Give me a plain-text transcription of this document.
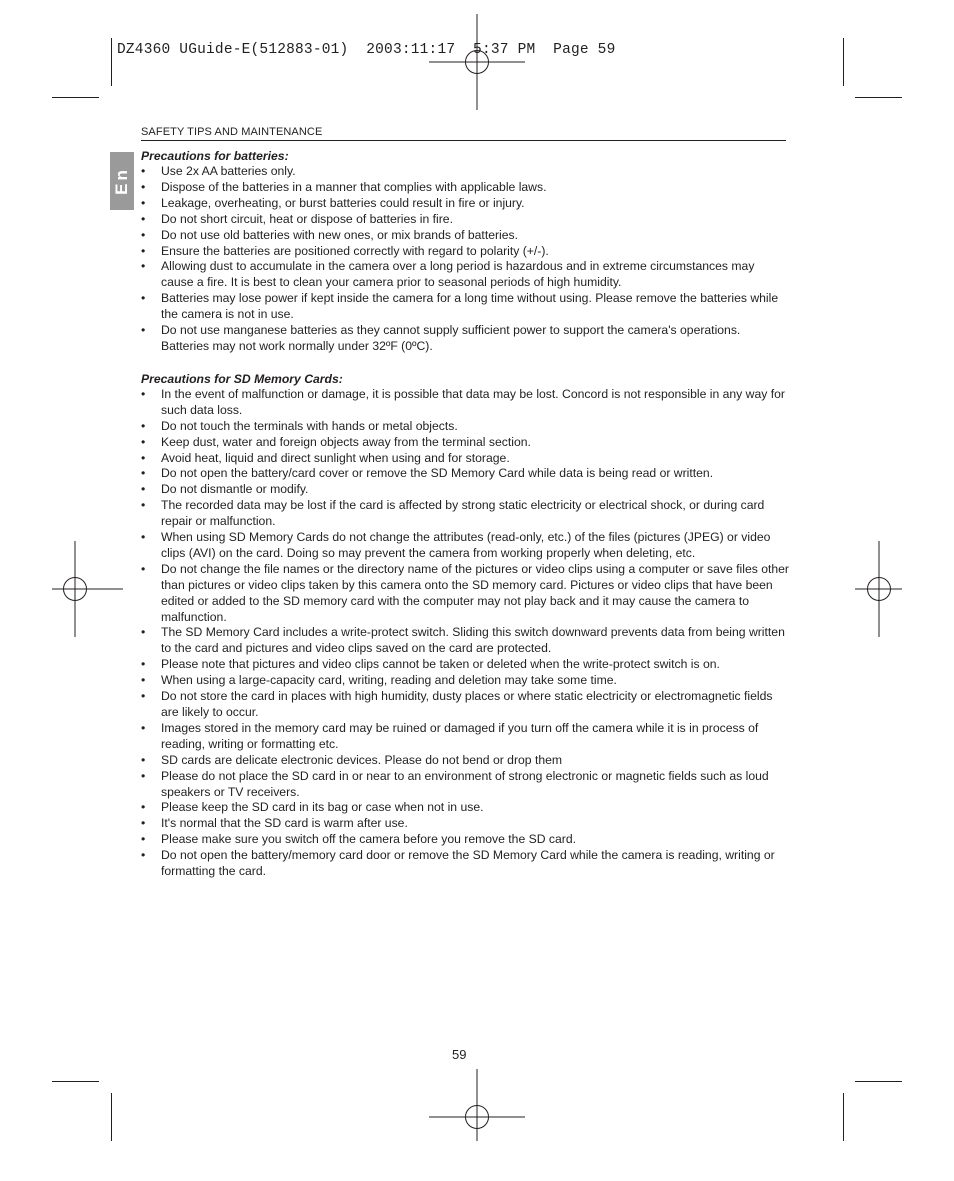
DZ4360 UGuide-E(512883-01)  2003:11:17  5:37 PM  Page 59
SAFETY TIPS AND MAINTENANCE
En

Precautions for batteries:

• Use 2x AA batteries only.
• Dispose of the batteries in a manner that complies with applicable laws.
• Leakage, overheating, or burst batteries could result in fire or injury.
• Do not short circuit, heat or dispose of batteries in fire.
• Do not use old batteries with new ones, or mix brands of batteries.
• Ensure the batteries are positioned correctly with regard to polarity (+/-).
• Allowing dust to accumulate in the camera over a long period is hazardous and in extreme circumstances may cause a fire. It is best to clean your camera prior to seasonal periods of high humidity.
• Batteries may lose power if kept inside the camera for a long time without using. Please remove the batteries while the camera is not in use.
• Do not use manganese batteries as they cannot supply sufficient power to support the camera's operations. Batteries may not work normally under 32ºF (0ºC).

Precautions for SD Memory Cards:

• In the event of malfunction or damage, it is possible that data may be lost. Concord is not responsible in any way for such data loss.
• Do not touch the terminals with hands or metal objects.
• Keep dust, water and foreign objects away from the terminal section.
• Avoid heat, liquid and direct sunlight when using and for storage.
• Do not open the battery/card cover or remove the SD Memory Card while data is being read or written.
• Do not dismantle or modify.
• The recorded data may be lost if the card is affected by strong static electricity or electrical shock, or during card repair or malfunction.
• When using SD Memory Cards do not change the attributes (read-only, etc.) of the files (pictures (JPEG) or video clips (AVI) on the card. Doing so may prevent the camera from working properly when deleting, etc.
• Do not change the file names or the directory name of the pictures or video clips using a computer or save files other than pictures or video clips taken by this camera onto the SD memory card. Pictures or video clips that have been edited or added to the SD memory card with the computer may not play back and it may cause the camera to malfunction.
• The SD Memory Card includes a write-protect switch. Sliding this switch downward prevents data from being written to the card and pictures and video clips saved on the card are protected.
• Please note that pictures and video clips cannot be taken or deleted when the write-protect switch is on.
• When using a large-capacity card, writing, reading and deletion may take some time.
• Do not store the card in places with high humidity, dusty places or where static electricity or electromagnetic fields are likely to occur.
• Images stored in the memory card may be ruined or damaged if you turn off the camera while it is in process of reading, writing or formatting etc.
• SD cards are delicate electronic devices. Please do not bend or drop them
• Please do not place the SD card in or near to an environment of strong electronic or magnetic fields such as loud speakers or TV receivers.
• Please keep the SD card in its bag or case when not in use.
• It's normal that the SD card is warm after use.
• Please make sure you switch off the camera before you remove the SD card.
• Do not open the battery/memory card door or remove the SD Memory Card while the camera is reading, writing or formatting the card.
59
